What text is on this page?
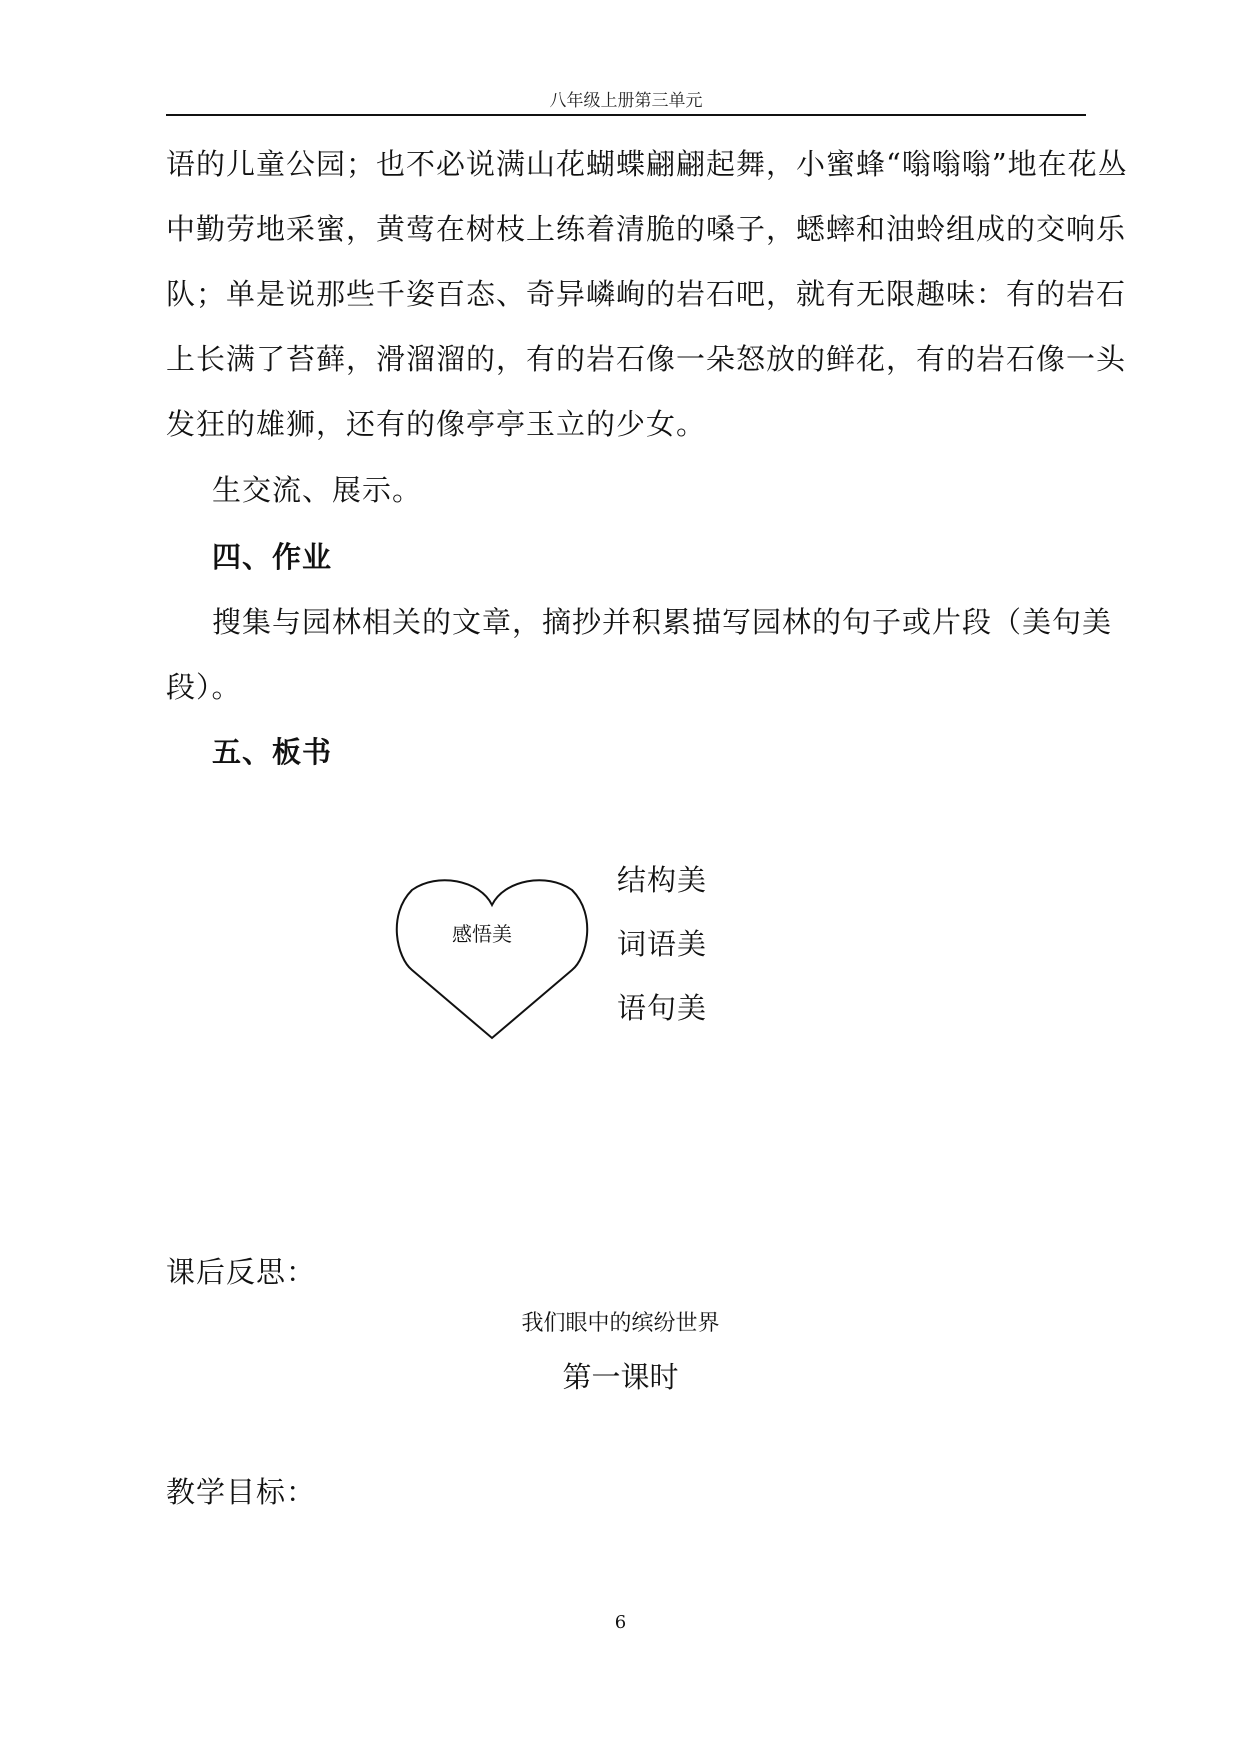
八年级上册第三单元
语的儿童公园；也不必说满山花蝴蝶翩翩起舞，小蜜蜂“嗡嗡嗡”地在花丛
中勤劳地采蜜，黄莺在树枝上练着清脆的嗓子，蟋蟀和油蛉组成的交响乐
队；单是说那些千姿百态、奇异嶙峋的岩石吧，就有无限趣味：有的岩石
上长满了苔藓，滑溜溜的，有的岩石像一朵怒放的鲜花，有的岩石像一头
发狂的雄狮，还有的像亭亭玉立的少女。
生交流、展示。
四、作业
搜集与园林相关的文章，摘抄并积累描写园林的句子或片段（美句美
段）。
五、板书
感悟美
结构美
词语美
语句美
课后反思：
我们眼中的缤纷世界
第一课时
教学目标：
6
